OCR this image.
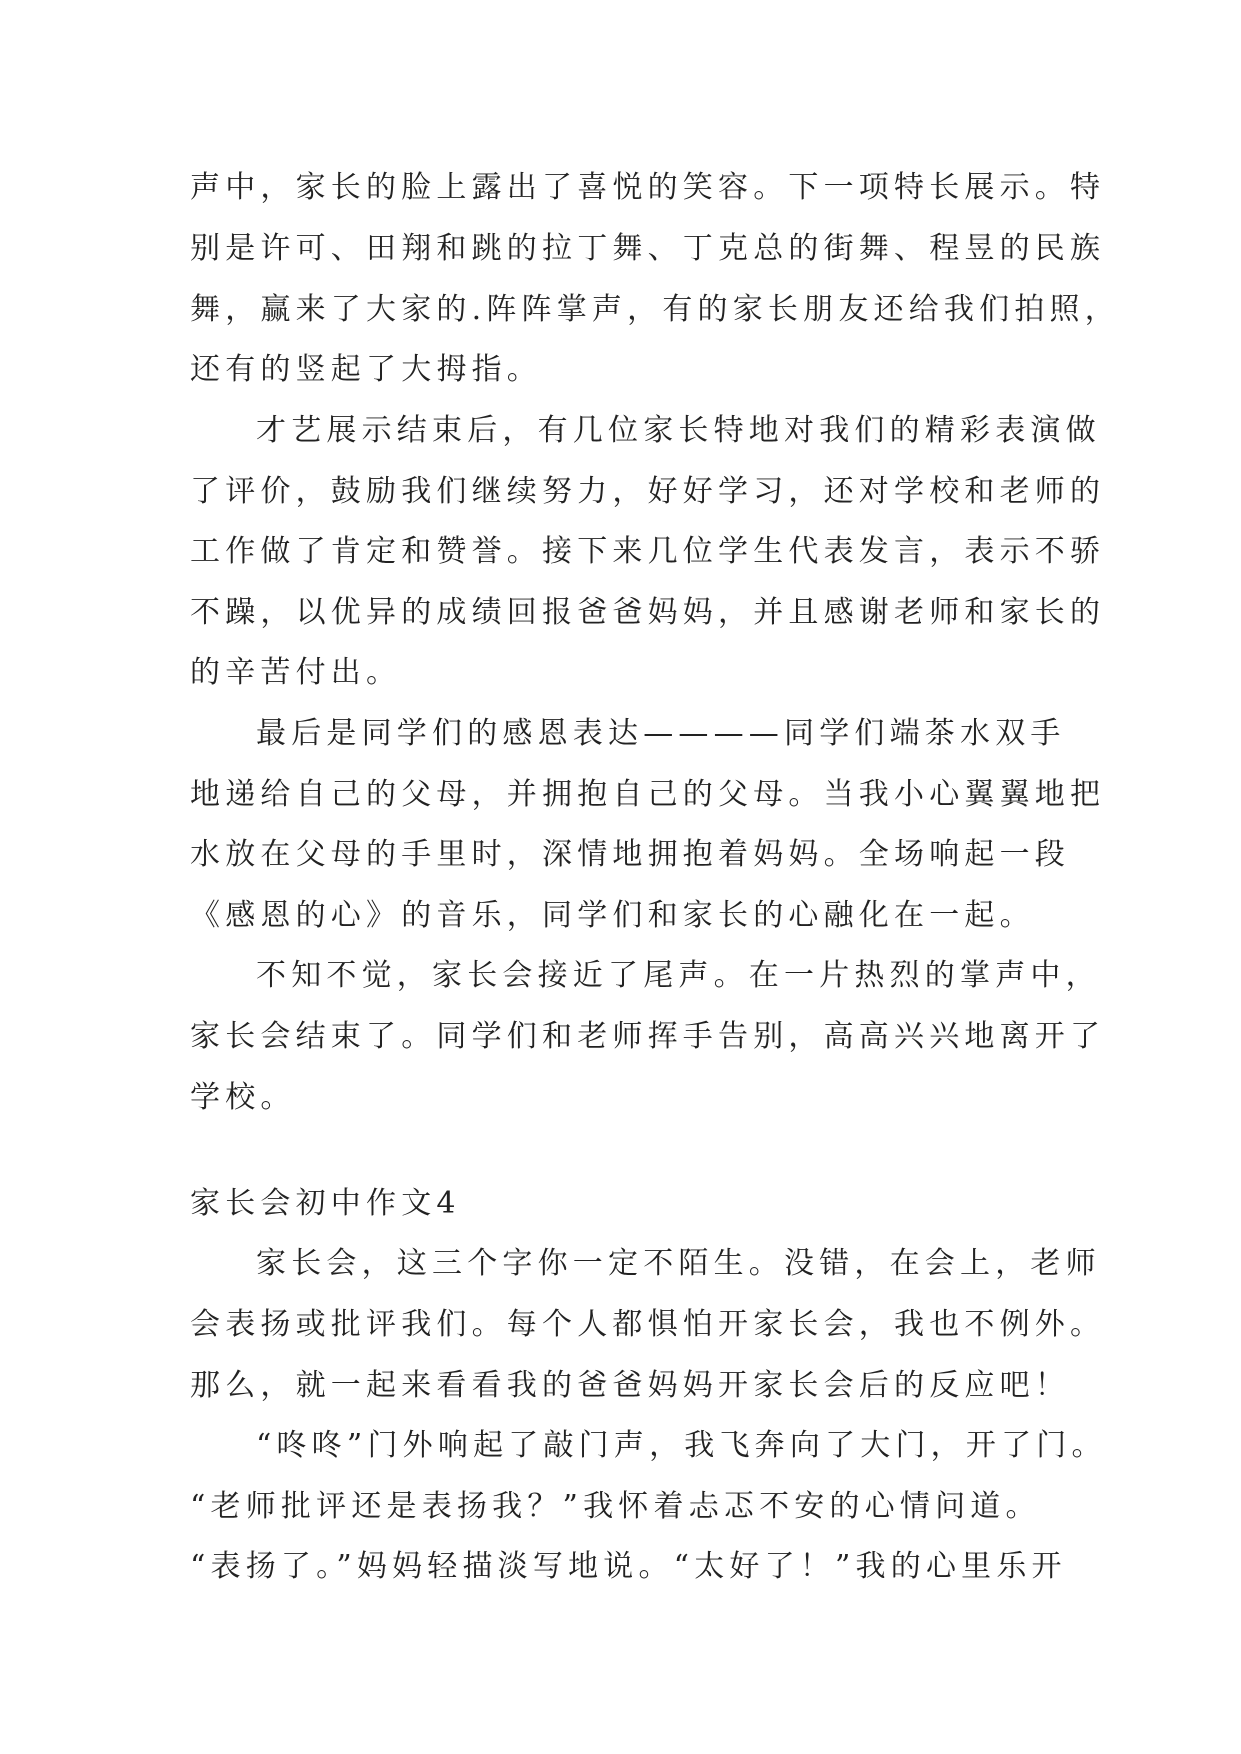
声中，家长的脸上露出了喜悦的笑容。下一项特长展示。特
别是许可、田翔和跳的拉丁舞、丁克总的街舞、程昱的民族
舞，赢来了大家的.阵阵掌声，有的家长朋友还给我们拍照，
还有的竖起了大拇指。
才艺展示结束后，有几位家长特地对我们的精彩表演做
了评价，鼓励我们继续努力，好好学习，还对学校和老师的
工作做了肯定和赞誉。接下来几位学生代表发言，表示不骄
不躁，以优异的成绩回报爸爸妈妈，并且感谢老师和家长的
的辛苦付出。
最后是同学们的感恩表达————同学们端茶水双手
地递给自己的父母，并拥抱自己的父母。当我小心翼翼地把
水放在父母的手里时，深情地拥抱着妈妈。全场响起一段
《感恩的心》的音乐，同学们和家长的心融化在一起。
不知不觉，家长会接近了尾声。在一片热烈的掌声中，
家长会结束了。同学们和老师挥手告别，高高兴兴地离开了
学校。
家长会初中作文4
家长会，这三个字你一定不陌生。没错，在会上，老师
会表扬或批评我们。每个人都惧怕开家长会，我也不例外。
那么，就一起来看看我的爸爸妈妈开家长会后的反应吧！
“咚咚”门外响起了敲门声，我飞奔向了大门，开了门。
“老师批评还是表扬我？”我怀着忐忑不安的心情问道。
“表扬了。”妈妈轻描淡写地说。“太好了！”我的心里乐开
